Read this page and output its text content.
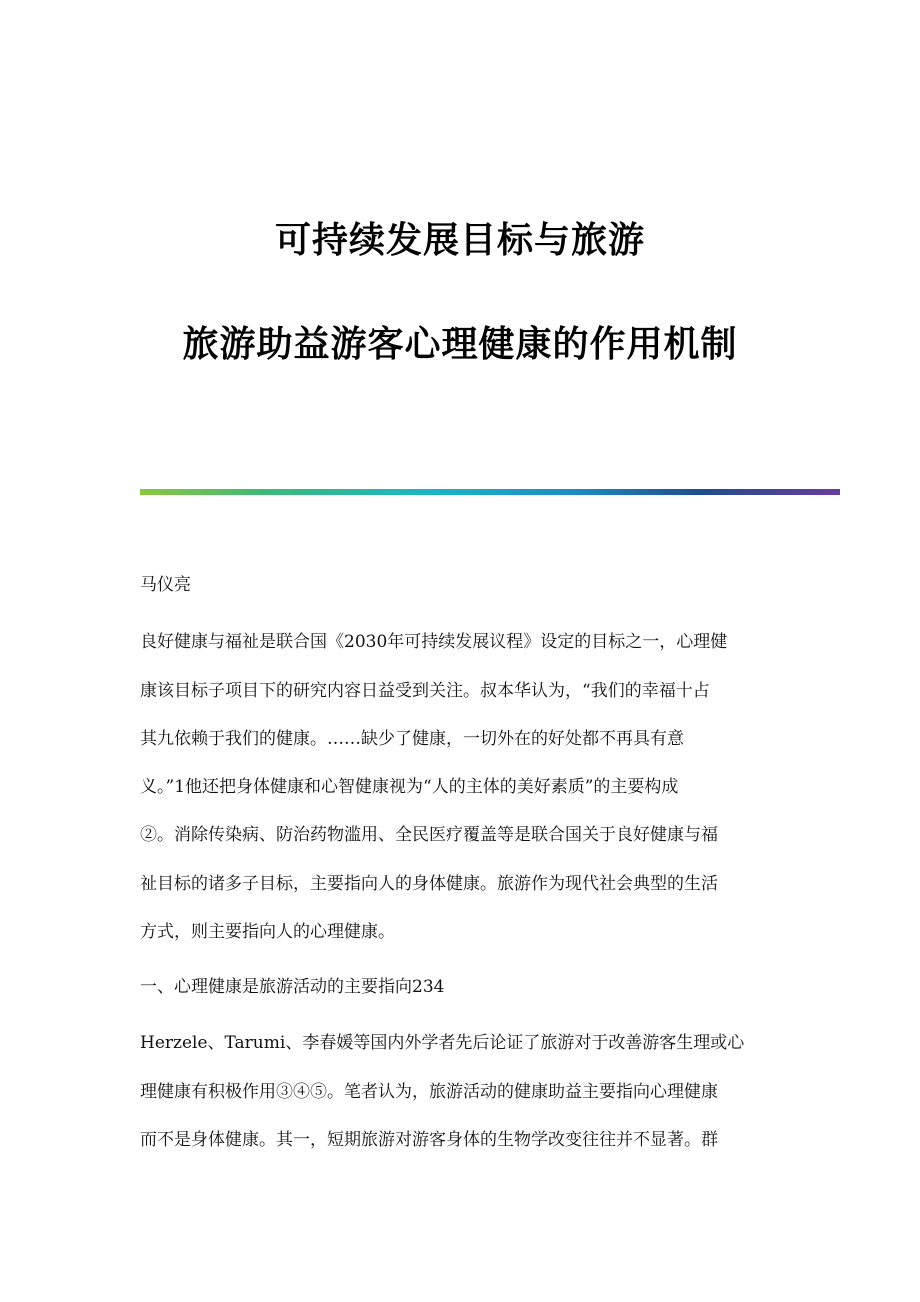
可持续发展目标与旅游
旅游助益游客心理健康的作用机制
马仪亮
良好健康与福祉是联合国《2030年可持续发展议程》设定的目标之一，心理健
康该目标子项目下的研究内容日益受到关注。叔本华认为，“我们的幸福十占
其九依赖于我们的健康。……缺少了健康，一切外在的好处都不再具有意
义。”1他还把身体健康和心智健康视为“人的主体的美好素质”的主要构成
②。消除传染病、防治药物滥用、全民医疗覆盖等是联合国关于良好健康与福
祉目标的诸多子目标，主要指向人的身体健康。旅游作为现代社会典型的生活
方式，则主要指向人的心理健康。
一、心理健康是旅游活动的主要指向234
Herzele、Tarumi、李春媛等国内外学者先后论证了旅游对于改善游客生理或心
理健康有积极作用③④⑤。笔者认为，旅游活动的健康助益主要指向心理健康
而不是身体健康。其一，短期旅游对游客身体的生物学改变往往并不显著。群
